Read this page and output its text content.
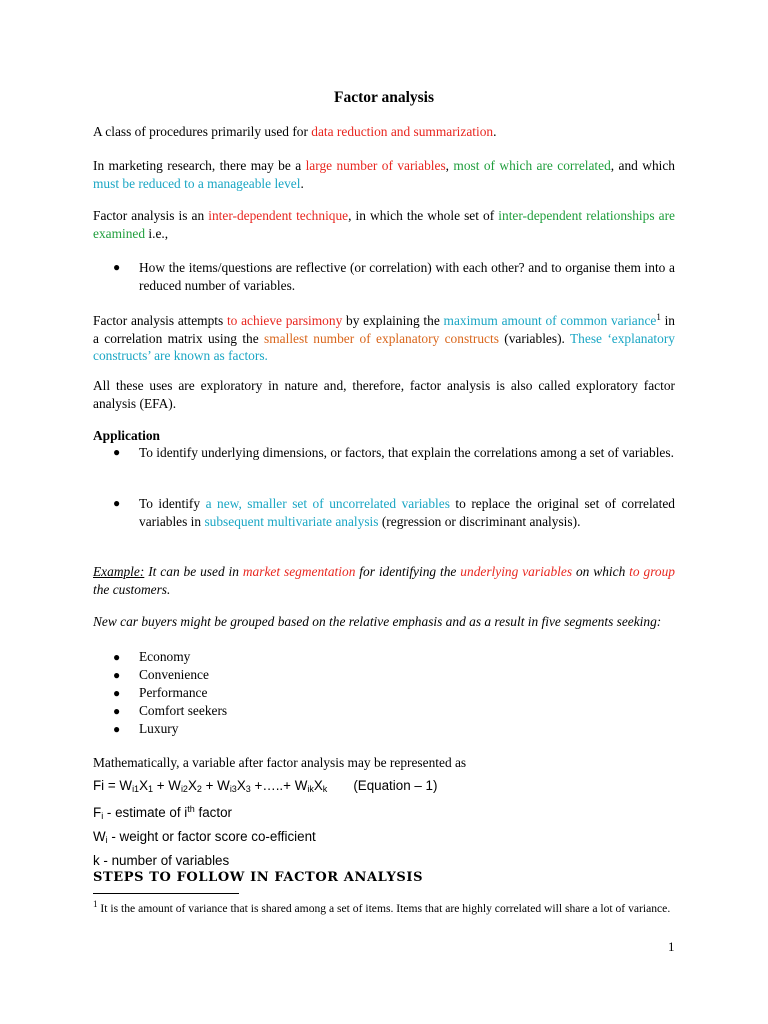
Factor analysis

A class of procedures primarily used for data reduction and summarization.

In marketing research, there may be a large number of variables, most of which are correlated, and which must be reduced to a manageable level.

Factor analysis is an inter-dependent technique, in which the whole set of inter-dependent relationships are examined i.e.,

● How the items/questions are reflective (or correlation) with each other? and to organise them into a reduced number of variables.

Factor analysis attempts to achieve parsimony by explaining the maximum amount of common variance$^1$ in a correlation matrix using the smallest number of explanatory constructs (variables). These ‘explanatory constructs’ are known as factors.

All these uses are exploratory in nature and, therefore, factor analysis is also called exploratory factor analysis (EFA).

Application
● To identify underlying dimensions, or factors, that explain the correlations among a set of variables.
● To identify a new, smaller set of uncorrelated variables to replace the original set of correlated variables in subsequent multivariate analysis (regression or discriminant analysis).

Example: It can be used in market segmentation for identifying the underlying variables on which to group the customers.

New car buyers might be grouped based on the relative emphasis and as a result in five segments seeking:

● Economy
● Convenience
● Performance
● Comfort seekers
● Luxury
Mathematically, a variable after factor analysis may be represented as
$Fi = W_{i1}X_1 + W_{i2}X_2 + W_{i3}X_3$ +…..+ $W_{ik}X_k$ (Equation – 1)
$F_i$ - estimate of $i^{th}$ factor
$W_i$ - weight or factor score co-efficient
k - number of variables
STEPS TO FOLLOW IN FACTOR ANALYSIS
$^1$ It is the amount of variance that is shared among a set of items. Items that are highly correlated will share a lot of variance.
1
